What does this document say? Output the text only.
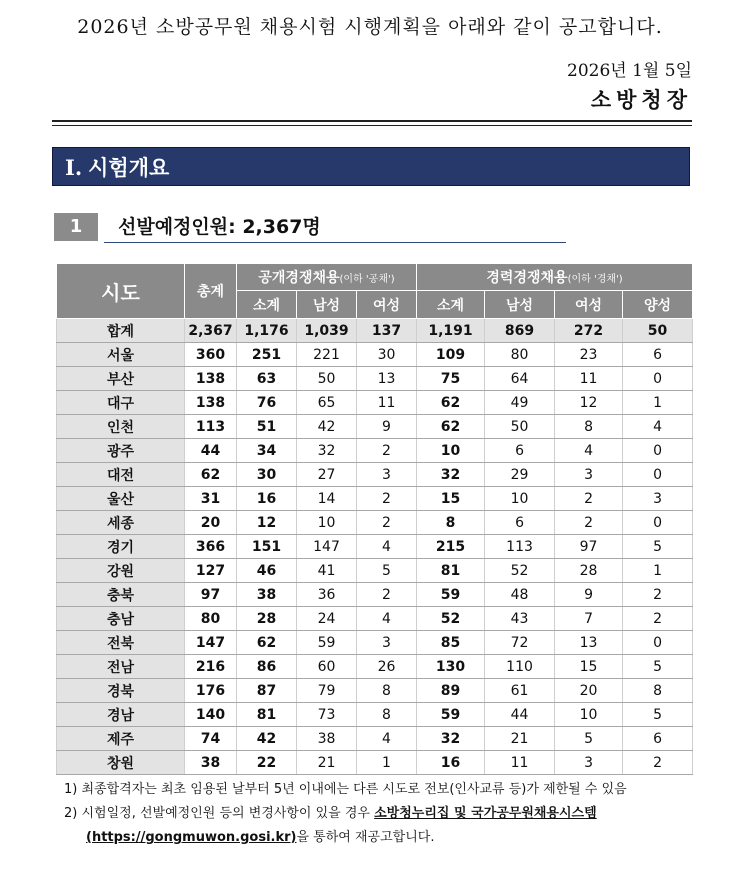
2026년 소방공무원 채용시험 시행계획을 아래와 같이 공고합니다.
2026년 1월 5일
소방청장
Ⅰ. 시험개요
1	선발예정인원: 2,367명
시도	총계	공개경쟁채용(이하 '공채')			경력경쟁채용(이하 '경채')			
		소계	남성	여성	소계	남성	여성	양성
합계	2,367	1,176	1,039	137	1,191	869	272	50
서울	360	251	221	30	109	80	23	6
부산	138	63	50	13	75	64	11	0
대구	138	76	65	11	62	49	12	1
인천	113	51	42	9	62	50	8	4
광주	44	34	32	2	10	6	4	0
대전	62	30	27	3	32	29	3	0
울산	31	16	14	2	15	10	2	3
세종	20	12	10	2	8	6	2	0
경기	366	151	147	4	215	113	97	5
강원	127	46	41	5	81	52	28	1
충북	97	38	36	2	59	48	9	2
충남	80	28	24	4	52	43	7	2
전북	147	62	59	3	85	72	13	0
전남	216	86	60	26	130	110	15	5
경북	176	87	79	8	89	61	20	8
경남	140	81	73	8	59	44	10	5
제주	74	42	38	4	32	21	5	6
창원	38	22	21	1	16	11	3	2
1) 최종합격자는 최초 임용된 날부터 5년 이내에는 다른 시도로 전보(인사교류 등)가 제한될 수 있음
2) 시험일정, 선발예정인원 등의 변경사항이 있을 경우 소방청누리집 및 국가공무원채용시스템
(https://gongmuwon.gosi.kr)을 통하여 재공고합니다.
